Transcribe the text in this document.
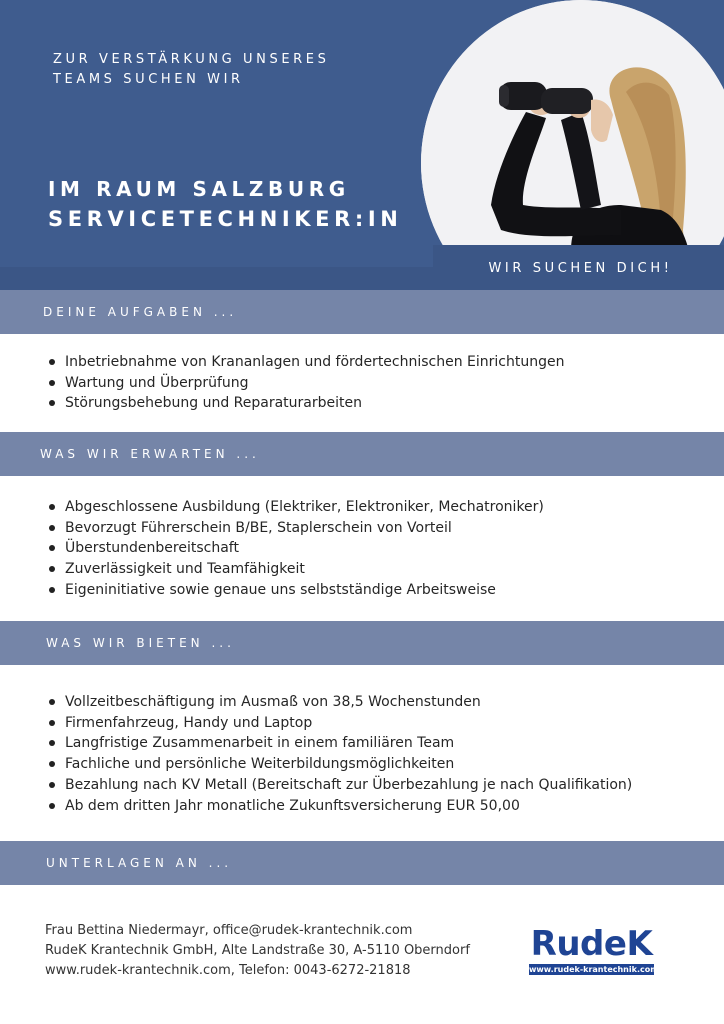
ZUR VERSTÄRKUNG UNSERES
TEAMS SUCHEN WIR
IM RAUM SALZBURG
SERVICETECHNIKER:IN
WIR SUCHEN DICH!
DEINE AUFGABEN ...
Inbetriebnahme von Krananlagen und fördertechnischen Einrichtungen
Wartung und Überprüfung
Störungsbehebung und Reparaturarbeiten
WAS WIR ERWARTEN ...
Abgeschlossene Ausbildung (Elektriker, Elektroniker, Mechatroniker)
Bevorzugt Führerschein B/BE, Staplerschein von Vorteil
Überstundenbereitschaft
Zuverlässigkeit und Teamfähigkeit
Eigeninitiative sowie genaue uns selbstständige Arbeitsweise
WAS WIR BIETEN ...
Vollzeitbeschäftigung im Ausmaß von 38,5 Wochenstunden
Firmenfahrzeug, Handy und Laptop
Langfristige Zusammenarbeit in einem familiären Team
Fachliche und persönliche Weiterbildungsmöglichkeiten
Bezahlung nach KV Metall (Bereitschaft zur Überbezahlung je nach Qualifikation)
Ab dem dritten Jahr monatliche Zukunftsversicherung EUR 50,00
UNTERLAGEN AN ...
Frau Bettina Niedermayr, office@rudek-krantechnik.com
RudeK Krantechnik GmbH, Alte Landstraße 30, A-5110 Oberndorf
www.rudek-krantechnik.com, Telefon: 0043-6272-21818
RudeK
www.rudek-krantechnik.com
